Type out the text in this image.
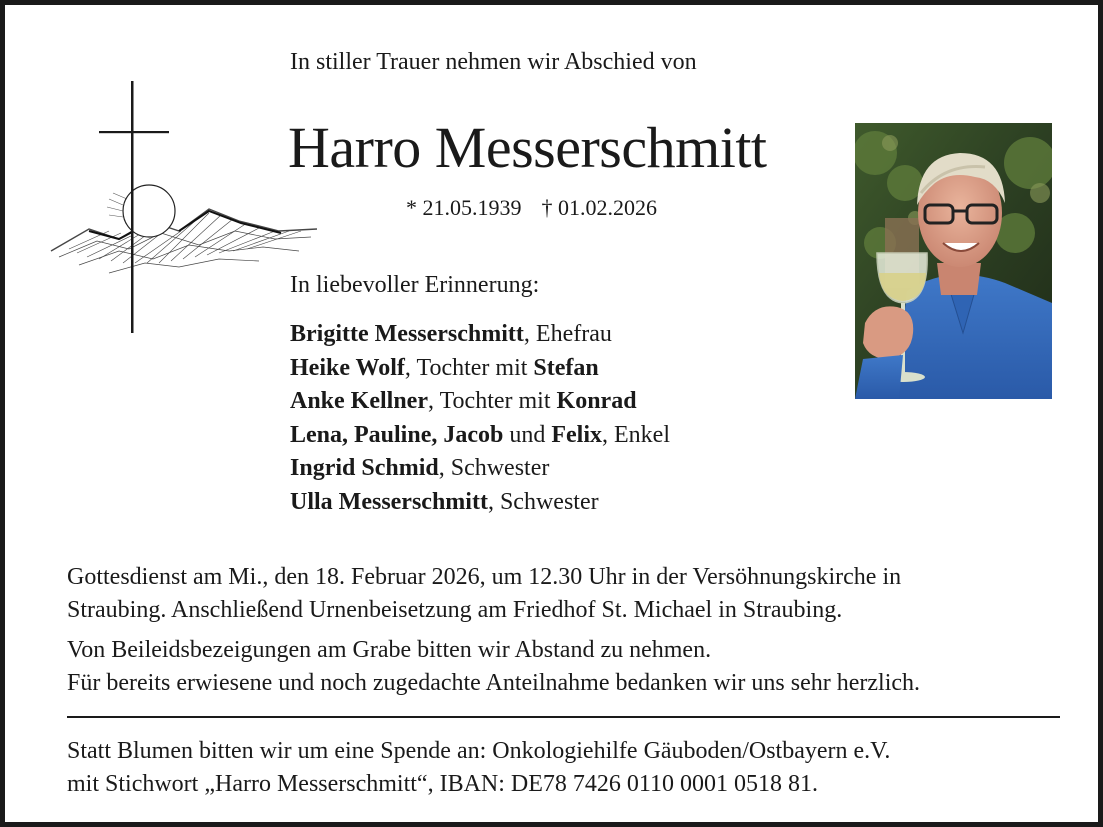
In stiller Trauer nehmen wir Abschied von
Harro Messerschmitt
* 21.05.1939 † 01.02.2026
In liebevoller Erinnerung:
Brigitte Messerschmitt, Ehefrau
Heike Wolf, Tochter mit Stefan
Anke Kellner, Tochter mit Konrad
Lena, Pauline, Jacob und Felix, Enkel
Ingrid Schmid, Schwester
Ulla Messerschmitt, Schwester

Gottesdienst am Mi., den 18. Februar 2026, um 12.30 Uhr in der Versöhnungskirche in

Straubing. Anschließend Urnenbeisetzung am Friedhof St. Michael in Straubing.

Von Beileidsbezeigungen am Grabe bitten wir Abstand zu nehmen.

Für bereits erwiesene und noch zugedachte Anteilnahme bedanken wir uns sehr herzlich.

Statt Blumen bitten wir um eine Spende an: Onkologiehilfe Gäuboden/Ostbayern e.V.
mit Stichwort „Harro Messerschmitt“, IBAN: DE78 7426 0110 0001 0518 81.
